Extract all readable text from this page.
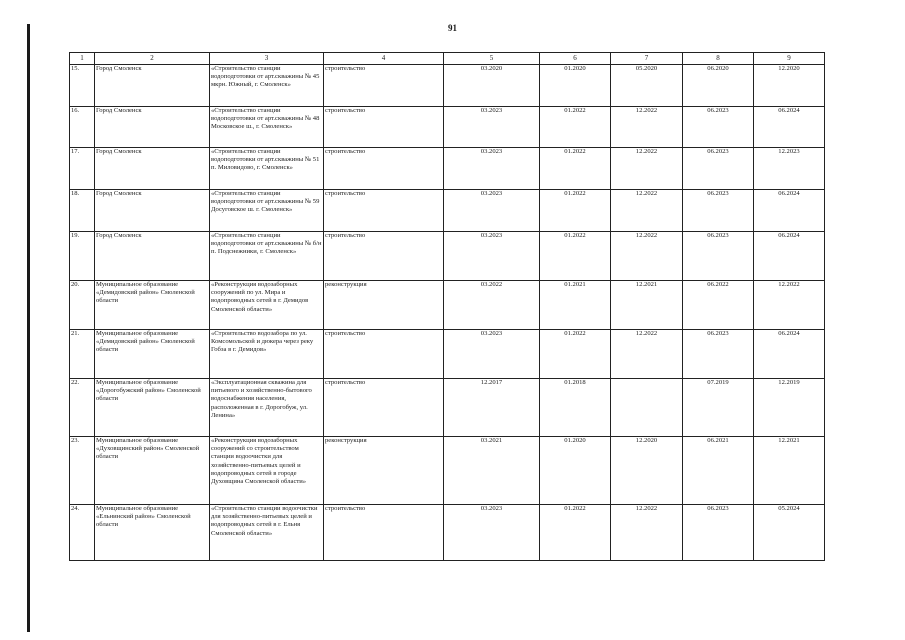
91
1	2	3	4	5	6	7	8	9
15.	Город Смоленск	«Строительство станции водоподготовки от арт.скважины № 45 мкрн. Южный, г. Смоленск»	строительство	03.2020	01.2020	05.2020	06.2020	12.2020
16.	Город Смоленск	«Строительство станции водоподготовки от арт.скважины № 48 Московское ш., г. Смоленск»	строительство	03.2023	01.2022	12.2022	06.2023	06.2024
17.	Город Смоленск	«Строительство станции водоподготовки от арт.скважины № 51 п. Миловидово, г. Смоленск»	строительство	03.2023	01.2022	12.2022	06.2023	12.2023
18.	Город Смоленск	«Строительство станции водоподготовки от арт.скважины № 59 Досуговское ш. г. Смоленск»	строительство	03.2023	01.2022	12.2022	06.2023	06.2024
19.	Город Смоленск	«Строительство станции водоподготовки от арт.скважины № б/н п. Подснежники, г. Смоленск»	строительство	03.2023	01.2022	12.2022	06.2023	06.2024
20.	Муниципальное образование «Демидовский район» Смоленской области	«Реконструкция водозаборных сооружений по ул. Мира и водопроводных сетей в г. Демидов Смоленской области»	реконструкция	03.2022	01.2021	12.2021	06.2022	12.2022
21.	Муниципальное образование «Демидовский район» Смоленской области	«Строительство водозабора по ул. Комсомольской и дюкера через реку Гобза в г. Демидов»	строительство	03.2023	01.2022	12.2022	06.2023	06.2024
22.	Муниципальное образование «Дорогобужский район» Смоленской области	«Эксплуатационная скважина для питьевого и хозяйственно-бытового водоснабжения населения, расположенная в г. Дорогобуж, ул. Ленина»	строительство	12.2017	01.2018		07.2019	12.2019
23.	Муниципальное образование «Духовщинский район» Смоленской области	«Реконструкция водозаборных сооружений со строительством станции водоочистки для хозяйственно-питьевых целей и водопроводных сетей в городе Духовщина Смоленской области»	реконструкция	03.2021	01.2020	12.2020	06.2021	12.2021
24.	Муниципальное образование «Ельнинский район» Смоленской области	«Строительство станции водоочистки для хозяйственно-питьевых целей и водопроводных сетей в г. Ельня Смоленской области»	строительство	03.2023	01.2022	12.2022	06.2023	05.2024
